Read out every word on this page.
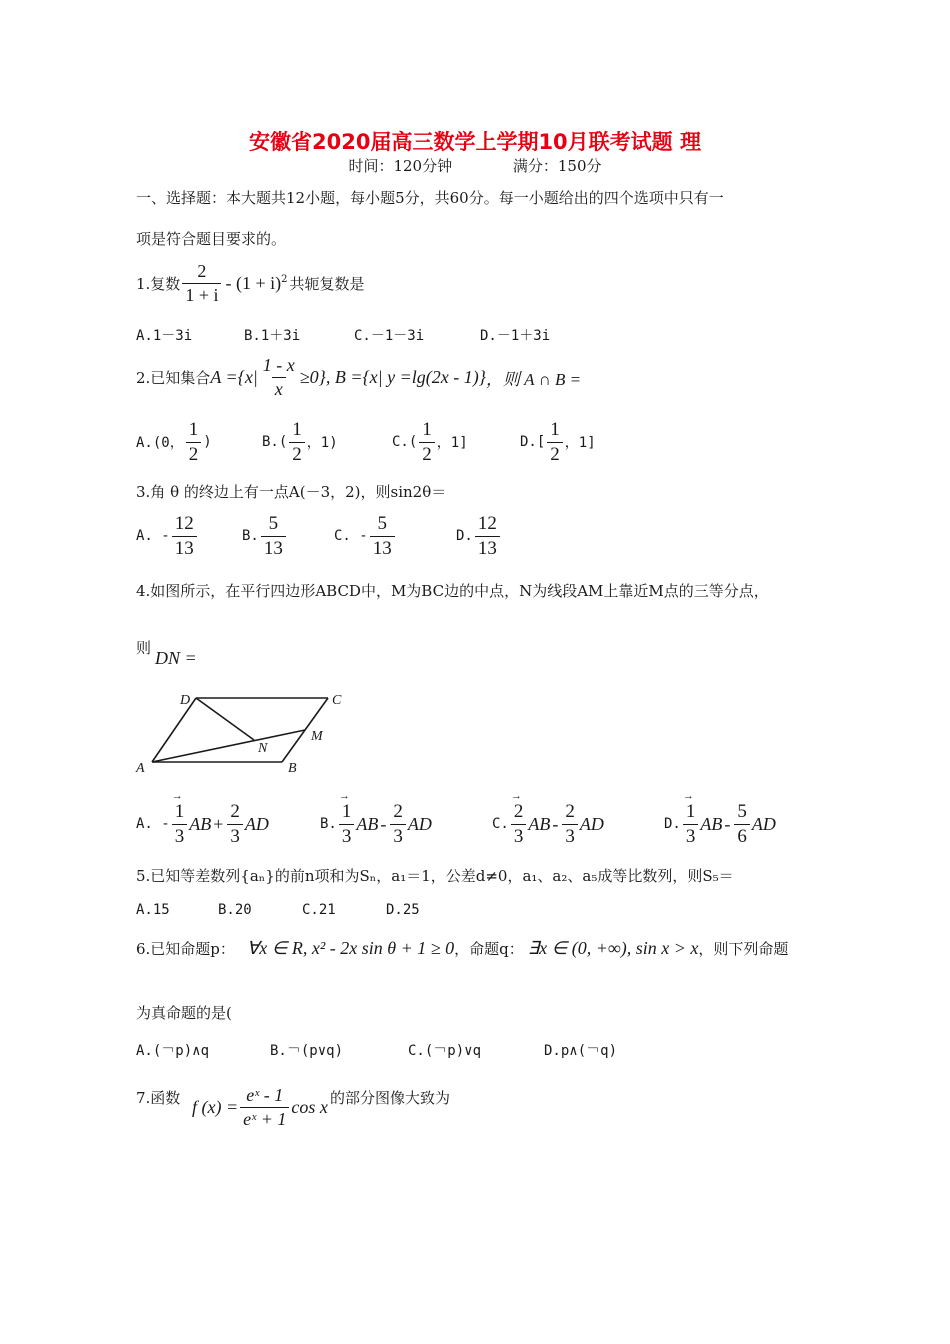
安徽省2020届高三数学上学期10月联考试题 理
时间：120分钟	满分：150分
一、选择题：本大题共12小题，每小题5分，共60分。每一小题给出的四个选项中只有一
项是符合题目要求的。
1.复数 $\frac{2}{1 + i} - (1 + i)^2$ 共轭复数是
A.1－3i	B.1＋3i	C.－1－3i	D.－1＋3i
2.已知集合 $A =\{x| \frac{1 - x}{x} \ge 0\}$, B ={x| y =lg(2x - 1)} ，则 A ∩ B =
A.(0， $\frac{1}{2}$ )	$B.( \frac{1}{2}$ ，1)	$C.( \frac{1}{2}$ ，1]	$D.[ \frac{1}{2}$ ，1]
3.角 θ 的终边上有一点A(－3，2)，则sin2θ＝
A. - $\frac{12}{13}$	B. $\frac{5}{13}$	C. - $\frac{5}{13}$	D. $\frac{12}{13}$
4.如图所示，在平行四边形ABCD中，M为BC边的中点，N为线段AM上靠近M点的三等分点，
则 DN =
A	B
C
D
M
N
A. - → $\frac{1}{3}$ AB + $\frac{2}{3}$ AD	B. → $\frac{1}{3}$ AB - $\frac{2}{3}$ AD	C. → $\frac{2}{3}$ AB - $\frac{2}{3}$ AD	D. → $\frac{1}{3}$ AB - $\frac{5}{6}$ AD
5.已知等差数列{aₙ}的前n项和为Sₙ，a₁＝1，公差d≠0，a₁、a₂、a₅成等比数列，则S₅＝
A.15	B.20	C.21	D.25
6.已知命题p： ∀x ∈ R, x² - 2x sin θ + 1 ≥ 0 ，命题q： ∃x ∈ (0, +∞), sin x > x ，则下列命题
为真命题的是(
A.(￢p)∧q	B.￢(p∨q)	C.(￢p)∨q	D.p∧(￢q)
7.函数 f $(x) = \frac{\text{eˣ - 1}}{\text{eˣ + 1}}$ cos x 的部分图像大致为
